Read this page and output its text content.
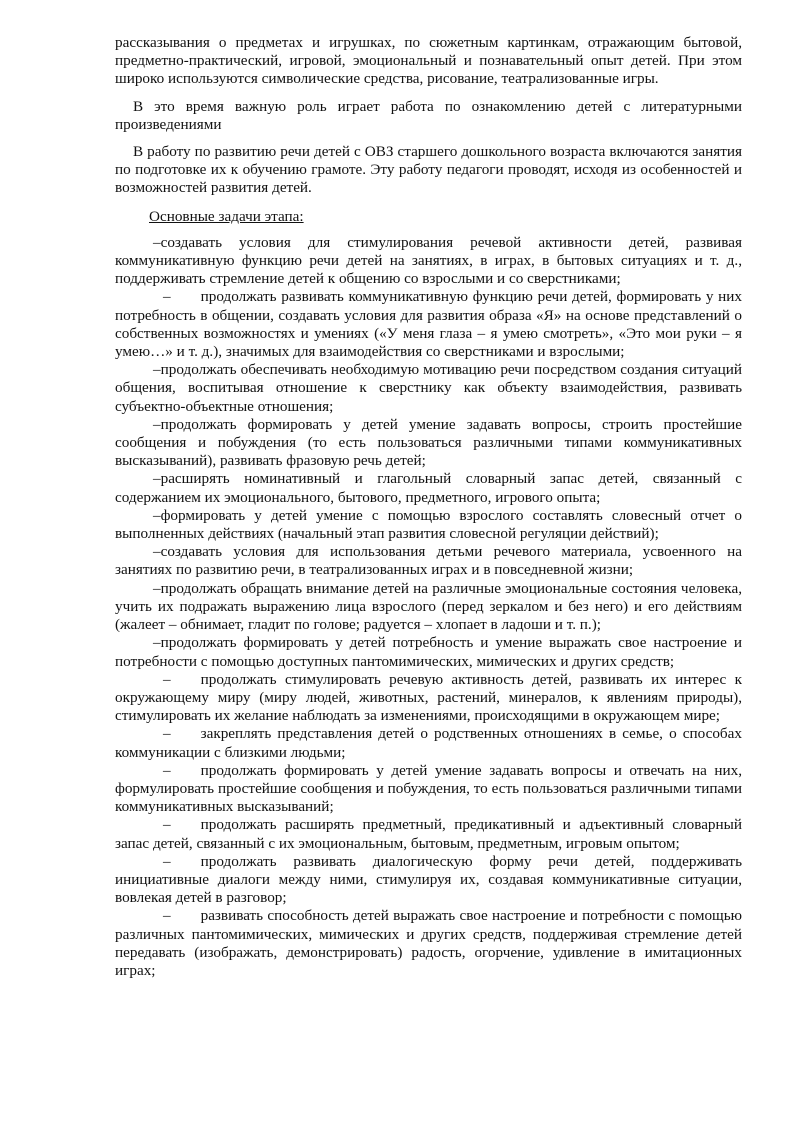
рассказывания о предметах и игрушках, по сюжетным картинкам, отражающим бытовой, предметно-практический, игровой, эмоциональный и познавательный опыт детей. При этом широко используются символические средства, рисование, театрализованные игры.

В это время важную роль играет работа по ознакомлению детей с литературными произведениями

В работу по развитию речи детей с ОВЗ старшего дошкольного возраста включаются занятия по подготовке их к обучению грамоте. Эту работу педагоги проводят, исходя из особенностей и возможностей развития детей.

Основные задачи этапа:

–создавать условия для стимулирования речевой активности детей, развивая коммуникативную функцию речи детей на занятиях, в играх, в бытовых ситуациях и т. д., поддерживать стремление детей к общению со взрослыми и со сверстниками;

– продолжать развивать коммуникативную функцию речи детей, формировать у них потребность в общении, создавать условия для развития образа «Я» на основе представлений о собственных возможностях и умениях («У меня глаза – я умею смотреть», «Это мои руки – я умею…» и т. д.), значимых для взаимодействия со сверстниками и взрослыми;

–продолжать обеспечивать необходимую мотивацию речи посредством создания ситуаций общения, воспитывая отношение к сверстнику как объекту взаимодействия, развивать субъектно-объектные отношения;

–продолжать формировать у детей умение задавать вопросы, строить простейшие сообщения и побуждения (то есть пользоваться различными типами коммуникативных высказываний), развивать фразовую речь детей;

–расширять номинативный и глагольный словарный запас детей, связанный с содержанием их эмоционального, бытового, предметного, игрового опыта;

–формировать у детей умение с помощью взрослого составлять словесный отчет о выполненных действиях (начальный этап развития словесной регуляции действий);

–создавать условия для использования детьми речевого материала, усвоенного на занятиях по развитию речи, в театрализованных играх и в повседневной жизни;

–продолжать обращать внимание детей на различные эмоциональные состояния человека, учить их подражать выражению лица взрослого (перед зеркалом и без него) и его действиям (жалеет – обнимает, гладит по голове; радуется – хлопает в ладоши и т. п.);

–продолжать формировать у детей потребность и умение выражать свое настроение и потребности с помощью доступных пантомимических, мимических и других средств;

– продолжать стимулировать речевую активность детей, развивать их интерес к окружающему миру (миру людей, животных, растений, минералов, к явлениям природы), стимулировать их желание наблюдать за изменениями, происходящими в окружающем мире;

– закреплять представления детей о родственных отношениях в семье, о способах коммуникации с близкими людьми;

– продолжать формировать у детей умение задавать вопросы и отвечать на них, формулировать простейшие сообщения и побуждения, то есть пользоваться различными типами коммуникативных высказываний;

– продолжать расширять предметный, предикативный и адъективный словарный запас детей, связанный с их эмоциональным, бытовым, предметным, игровым опытом;

– продолжать развивать диалогическую форму речи детей, поддерживать инициативные диалоги между ними, стимулируя их, создавая коммуникативные ситуации, вовлекая детей в разговор;

– развивать способность детей выражать свое настроение и потребности с помощью различных пантомимических, мимических и других средств, поддерживая стремление детей передавать (изображать, демонстрировать) радость, огорчение, удивление в имитационных играх;
